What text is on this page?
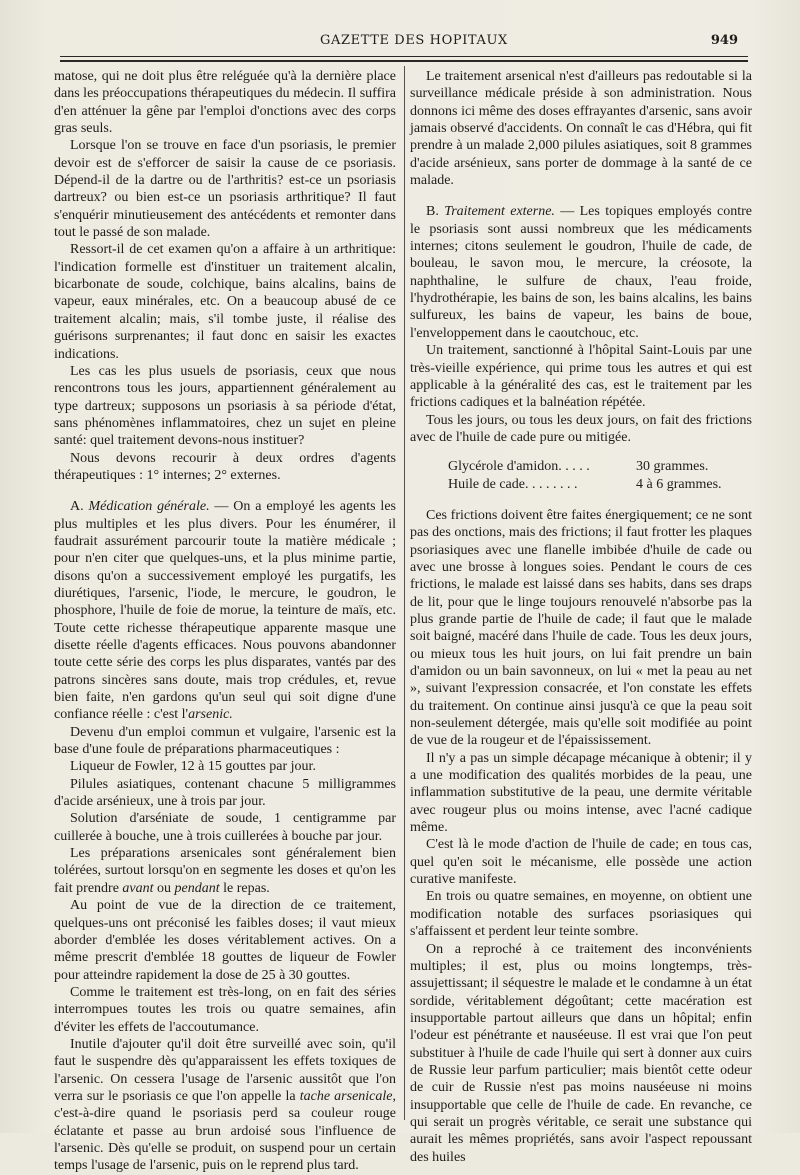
GAZETTE DES HOPITAUX	949

matose, qui ne doit plus être reléguée qu'à la dernière place dans les préoccupations thérapeutiques du médecin. Il suffira d'en atténuer la gêne par l'emploi d'onctions avec des corps gras seuls.

Lorsque l'on se trouve en face d'un psoriasis, le premier devoir est de s'efforcer de saisir la cause de ce psoriasis. Dépend-il de la dartre ou de l'arthritis? est-ce un psoriasis dartreux? ou bien est-ce un psoriasis arthritique? Il faut s'enquérir minutieusement des antécédents et remonter dans tout le passé de son malade.

Ressort-il de cet examen qu'on a affaire à un arthritique: l'indication formelle est d'instituer un traitement alcalin, bicarbonate de soude, colchique, bains alcalins, bains de vapeur, eaux minérales, etc. On a beaucoup abusé de ce traitement alcalin; mais, s'il tombe juste, il réalise des guérisons surprenantes; il faut donc en saisir les exactes indications.

Les cas les plus usuels de psoriasis, ceux que nous rencontrons tous les jours, appartiennent généralement au type dartreux; supposons un psoriasis à sa période d'état, sans phénomènes inflammatoires, chez un sujet en pleine santé: quel traitement devons-nous instituer?

Nous devons recourir à deux ordres d'agents thérapeutiques : 1° internes; 2° externes.

A. Médication générale. — On a employé les agents les plus multiples et les plus divers. Pour les énumérer, il faudrait assurément parcourir toute la matière médicale ; pour n'en citer que quelques-uns, et la plus minime partie, disons qu'on a successivement employé les purgatifs, les diurétiques, l'arsenic, l'iode, le mercure, le goudron, le phosphore, l'huile de foie de morue, la teinture de maïs, etc. Toute cette richesse thérapeutique apparente masque une disette réelle d'agents efficaces. Nous pouvons abandonner toute cette série des corps les plus disparates, vantés par des patrons sincères sans doute, mais trop crédules, et, revue bien faite, n'en gardons qu'un seul qui soit digne d'une confiance réelle : c'est l'arsenic.

Devenu d'un emploi commun et vulgaire, l'arsenic est la base d'une foule de préparations pharmaceutiques :

Liqueur de Fowler, 12 à 15 gouttes par jour.

Pilules asiatiques, contenant chacune 5 milligrammes d'acide arsénieux, une à trois par jour.

Solution d'arséniate de soude, 1 centigramme par cuillerée à bouche, une à trois cuillerées à bouche par jour.

Les préparations arsenicales sont généralement bien tolérées, surtout lorsqu'on en segmente les doses et qu'on les fait prendre avant ou pendant le repas.

Au point de vue de la direction de ce traitement, quelques-uns ont préconisé les faibles doses; il vaut mieux aborder d'emblée les doses véritablement actives. On a même prescrit d'emblée 18 gouttes de liqueur de Fowler pour atteindre rapidement la dose de 25 à 30 gouttes.

Comme le traitement est très-long, on en fait des séries interrompues toutes les trois ou quatre semaines, afin d'éviter les effets de l'accoutumance.

Inutile d'ajouter qu'il doit être surveillé avec soin, qu'il faut le suspendre dès qu'apparaissent les effets toxiques de l'arsenic. On cessera l'usage de l'arsenic aussitôt que l'on verra sur le psoriasis ce que l'on appelle la tache arsenicale, c'est-à-dire quand le psoriasis perd sa couleur rouge éclatante et passe au brun ardoisé sous l'influence de l'arsenic. Dès qu'elle se produit, on suspend pour un certain temps l'usage de l'arsenic, puis on le reprend plus tard.

Le traitement arsenical n'est d'ailleurs pas redoutable si la surveillance médicale préside à son administration. Nous donnons ici même des doses effrayantes d'arsenic, sans avoir jamais observé d'accidents. On connaît le cas d'Hébra, qui fit prendre à un malade 2,000 pilules asiatiques, soit 8 grammes d'acide arsénieux, sans porter de dommage à la santé de ce malade.

B. Traitement externe. — Les topiques employés contre le psoriasis sont aussi nombreux que les médicaments internes; citons seulement le goudron, l'huile de cade, de bouleau, le savon mou, le mercure, la créosote, la naphthaline, le sulfure de chaux, l'eau froide, l'hydrothérapie, les bains de son, les bains alcalins, les bains sulfureux, les bains de vapeur, les bains de boue, l'enveloppement dans le caoutchouc, etc.

Un traitement, sanctionné à l'hôpital Saint-Louis par une très-vieille expérience, qui prime tous les autres et qui est applicable à la généralité des cas, est le traitement par les frictions cadiques et la balnéation répétée.

Tous les jours, ou tous les deux jours, on fait des frictions avec de l'huile de cade pure ou mitigée.

Glycérole d'amidon. . . . .	30 grammes.
Huile de cade. . . . . . . .	4 à 6 grammes.

Ces frictions doivent être faites énergiquement; ce ne sont pas des onctions, mais des frictions; il faut frotter les plaques psoriasiques avec une flanelle imbibée d'huile de cade ou avec une brosse à longues soies. Pendant le cours de ces frictions, le malade est laissé dans ses habits, dans ses draps de lit, pour que le linge toujours renouvelé n'absorbe pas la plus grande partie de l'huile de cade; il faut que le malade soit baigné, macéré dans l'huile de cade. Tous les deux jours, ou mieux tous les huit jours, on lui fait prendre un bain d'amidon ou un bain savonneux, on lui « met la peau au net », suivant l'expression consacrée, et l'on constate les effets du traitement. On continue ainsi jusqu'à ce que la peau soit non-seulement détergée, mais qu'elle soit modifiée au point de vue de la rougeur et de l'épaississement.

Il n'y a pas un simple décapage mécanique à obtenir; il y a une modification des qualités morbides de la peau, une inflammation substitutive de la peau, une dermite véritable avec rougeur plus ou moins intense, avec l'acné cadique même.

C'est là le mode d'action de l'huile de cade; en tous cas, quel qu'en soit le mécanisme, elle possède une action curative manifeste.

En trois ou quatre semaines, en moyenne, on obtient une modification notable des surfaces psoriasiques qui s'affaissent et perdent leur teinte sombre.

On a reproché à ce traitement des inconvénients multiples; il est, plus ou moins longtemps, très-assujettissant; il séquestre le malade et le condamne à un état sordide, véritablement dégoûtant; cette macération est insupportable partout ailleurs que dans un hôpital; enfin l'odeur est pénétrante et nauséeuse. Il est vrai que l'on peut substituer à l'huile de cade l'huile qui sert à donner aux cuirs de Russie leur parfum particulier; mais bientôt cette odeur de cuir de Russie n'est pas moins nauséeuse ni moins insupportable que celle de l'huile de cade. En revanche, ce qui serait un progrès véritable, ce serait une substance qui aurait les mêmes propriétés, sans avoir l'aspect repoussant des huiles
